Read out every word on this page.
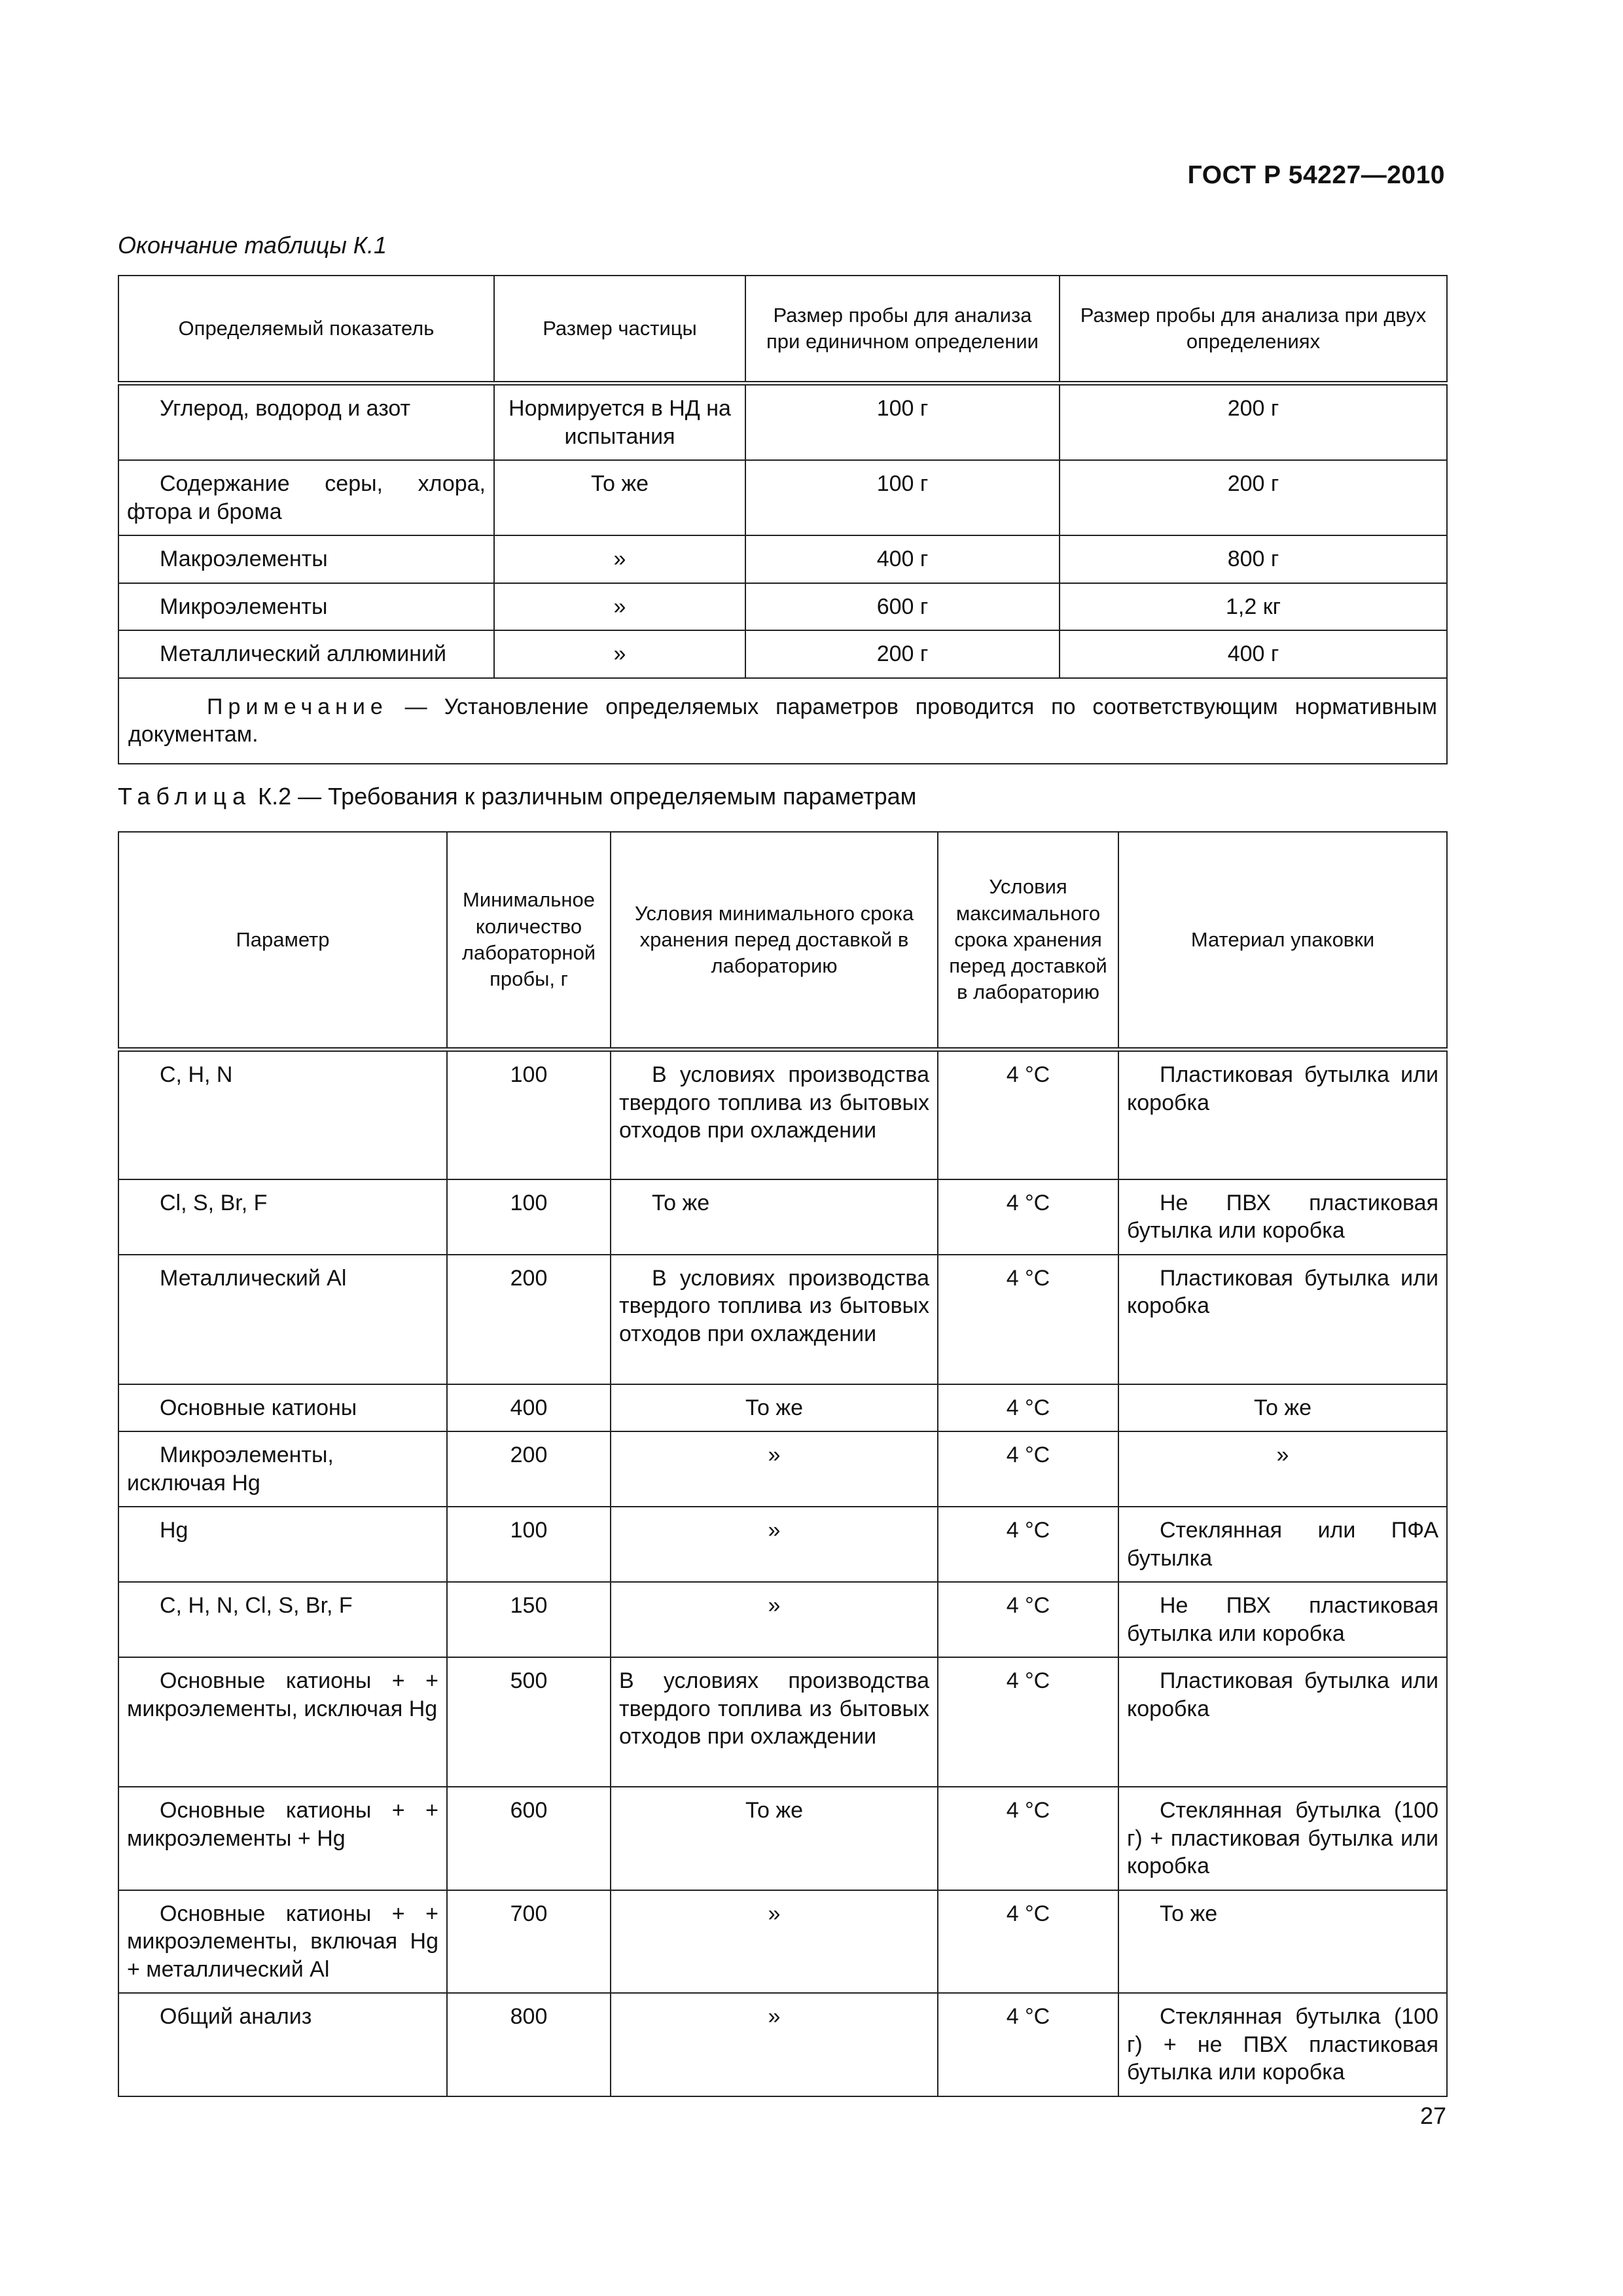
ГОСТ Р 54227—2010
Окончание таблицы К.1
Определяемый показатель	Размер частицы	Размер пробы для анализа при единичном определении	Размер пробы для анализа при двух определениях
Углерод, водород и азот	Нормируется в НД на испытания	100 г	200 г
Содержание серы, хлора, фтора и брома	То же	100 г	200 г
Макроэлементы	»	400 г	800 г
Микроэлементы	»	600 г	1,2 кг
Металлический аллюминий	»	200 г	400 г
Примечание — Установление определяемых параметров проводится по соответствующим нормативным документам.			
Таблица К.2 — Требования к различным определяемым параметрам
Параметр	Минимальное количество лабораторной пробы, г	Условия минимального срока хранения перед доставкой в лабораторию	Условия максимального срока хранения перед доставкой в лабораторию	Материал упаковки
C, H, N	100	В условиях производства твердого топлива из бытовых отходов при охлаждении	4 °C	Пластиковая бутылка или коробка
Cl, S, Br, F	100	То же	4 °C	Не ПВХ пластиковая бутылка или коробка
Металлический Al	200	В условиях производства твердого топлива из бытовых отходов при охлаждении	4 °C	Пластиковая бутылка или коробка
Основные катионы	400	То же	4 °C	То же
Микроэлементы, исключая Hg	200	»	4 °C	»
Hg	100	»	4 °C	Стеклянная или ПФА бутылка
C, H, N, Cl, S, Br, F	150	»	4 °C	Не ПВХ пластиковая бутылка или коробка
Основные катионы + + микроэлементы, исключая Hg	500	В условиях производства твердого топлива из бытовых отходов при охлаждении	4 °C	Пластиковая бутылка или коробка
Основные катионы + + микроэлементы + Hg	600	То же	4 °C	Стеклянная бутылка (100 г) + пластиковая бутылка или коробка
Основные катионы + + микроэлементы, включая Hg + металлический Al	700	»	4 °C	То же
Общий анализ	800	»	4 °C	Стеклянная бутылка (100 г) + не ПВХ пластиковая бутылка или коробка
27
